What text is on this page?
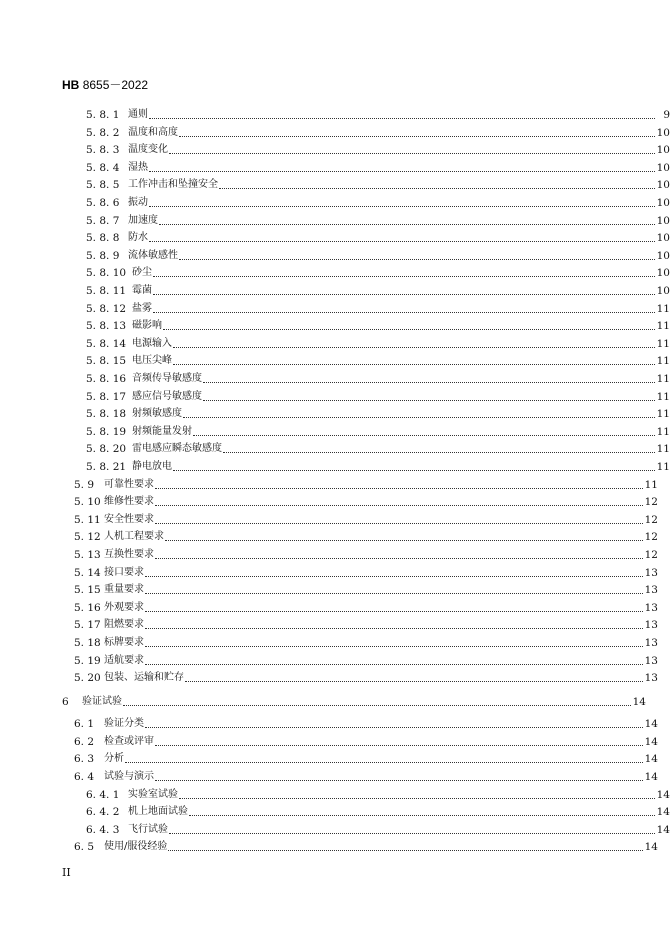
HB 8655－2022
5. 8. 1 通则	9
5. 8. 2 温度和高度	10
5. 8. 3 温度变化	10
5. 8. 4 湿热	10
5. 8. 5 工作冲击和坠撞安全	10
5. 8. 6 振动	10
5. 8. 7 加速度	10
5. 8. 8 防水	10
5. 8. 9 流体敏感性	10
5. 8. 10 砂尘	10
5. 8. 11 霉菌	10
5. 8. 12 盐雾	11
5. 8. 13 磁影响	11
5. 8. 14 电源输入	11
5. 8. 15 电压尖峰	11
5. 8. 16 音频传导敏感度	11
5. 8. 17 感应信号敏感度	11
5. 8. 18 射频敏感度	11
5. 8. 19 射频能量发射	11
5. 8. 20 雷电感应瞬态敏感度	11
5. 8. 21 静电放电	11
5. 9 可靠性要求	11
5. 10 维修性要求	12
5. 11 安全性要求	12
5. 12 人机工程要求	12
5. 13 互换性要求	12
5. 14 接口要求	13
5. 15 重量要求	13
5. 16 外观要求	13
5. 17 阻燃要求	13
5. 18 标牌要求	13
5. 19 适航要求	13
5. 20 包装、运输和贮存	13
6	验证试验	14
6. 1 验证分类	14
6. 2 检查或评审	14
6. 3 分析	14
6. 4 试验与演示	14
6. 4. 1 实验室试验	14
6. 4. 2 机上地面试验	14
6. 4. 3 飞行试验	14
6. 5 使用/服役经验	14
II
